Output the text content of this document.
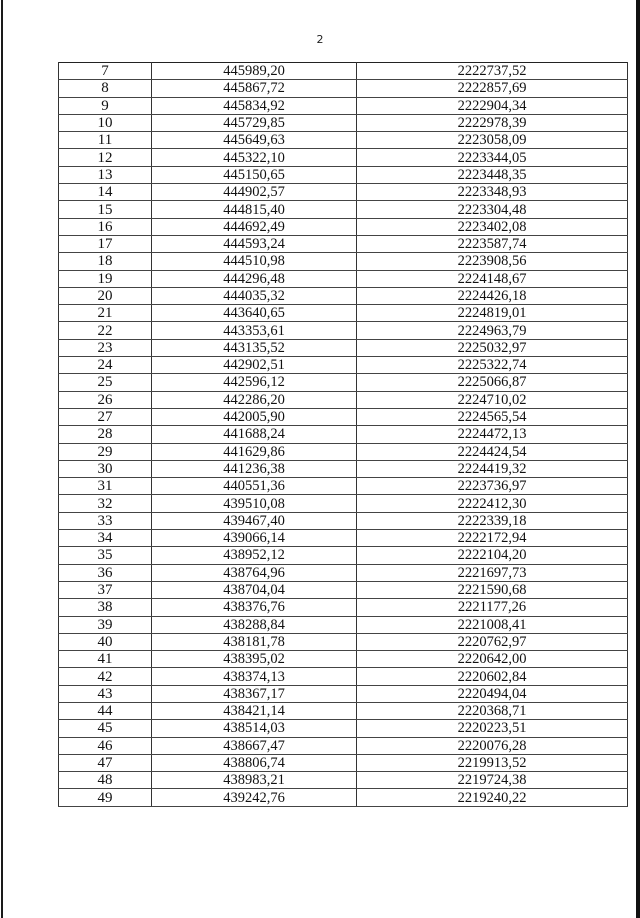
2
7	445989,20	2222737,52
8	445867,72	2222857,69
9	445834,92	2222904,34
10	445729,85	2222978,39
11	445649,63	2223058,09
12	445322,10	2223344,05
13	445150,65	2223448,35
14	444902,57	2223348,93
15	444815,40	2223304,48
16	444692,49	2223402,08
17	444593,24	2223587,74
18	444510,98	2223908,56
19	444296,48	2224148,67
20	444035,32	2224426,18
21	443640,65	2224819,01
22	443353,61	2224963,79
23	443135,52	2225032,97
24	442902,51	2225322,74
25	442596,12	2225066,87
26	442286,20	2224710,02
27	442005,90	2224565,54
28	441688,24	2224472,13
29	441629,86	2224424,54
30	441236,38	2224419,32
31	440551,36	2223736,97
32	439510,08	2222412,30
33	439467,40	2222339,18
34	439066,14	2222172,94
35	438952,12	2222104,20
36	438764,96	2221697,73
37	438704,04	2221590,68
38	438376,76	2221177,26
39	438288,84	2221008,41
40	438181,78	2220762,97
41	438395,02	2220642,00
42	438374,13	2220602,84
43	438367,17	2220494,04
44	438421,14	2220368,71
45	438514,03	2220223,51
46	438667,47	2220076,28
47	438806,74	2219913,52
48	438983,21	2219724,38
49	439242,76	2219240,22
